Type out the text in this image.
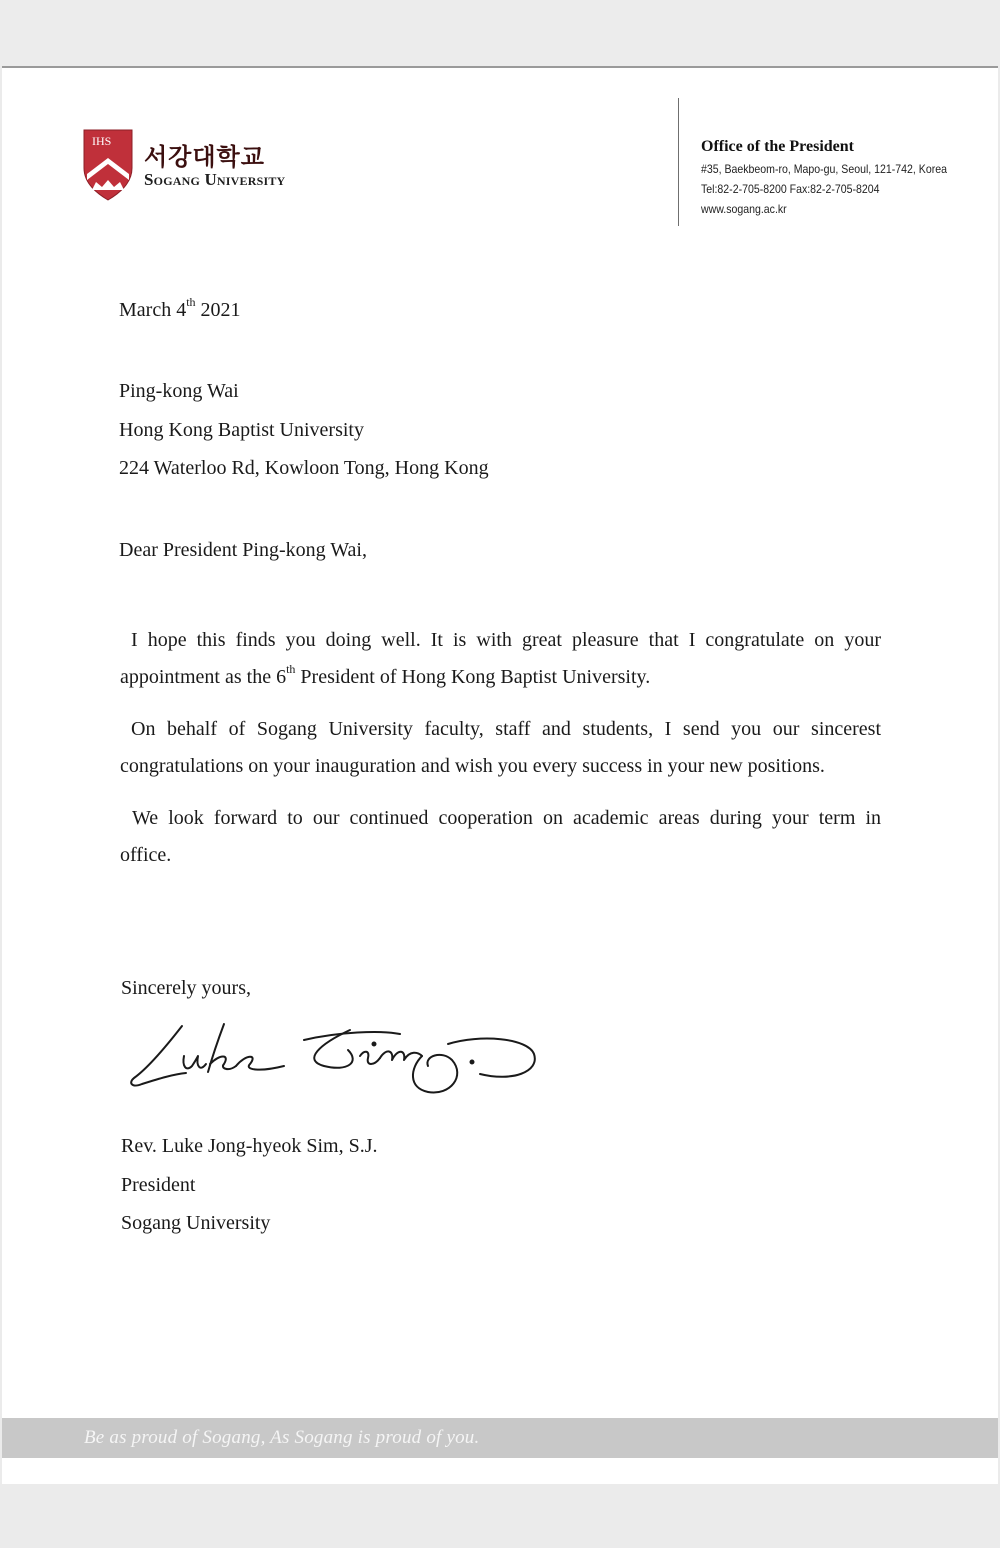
IHS
서강대학교
Sogang University
Office of the President
#35, Baekbeom-ro, Mapo-gu, Seoul, 121-742, Korea
Tel:82-2-705-8200 Fax:82-2-705-8204
www.sogang.ac.kr
March 4th 2021
Ping-kong Wai
Hong Kong Baptist University
224 Waterloo Rd, Kowloon Tong, Hong Kong
Dear President Ping-kong Wai,
I hope this finds you doing well. It is with great pleasure that I congratulate on your
appointment as the 6th President of Hong Kong Baptist University.
On behalf of Sogang University faculty, staff and students, I send you our sincerest
congratulations on your inauguration and wish you every success in your new positions.
We look forward to our continued cooperation on academic areas during your term in
office.
Sincerely yours,
Rev. Luke Jong-hyeok Sim, S.J.
President
Sogang University
Be as proud of Sogang, As Sogang is proud of you.
